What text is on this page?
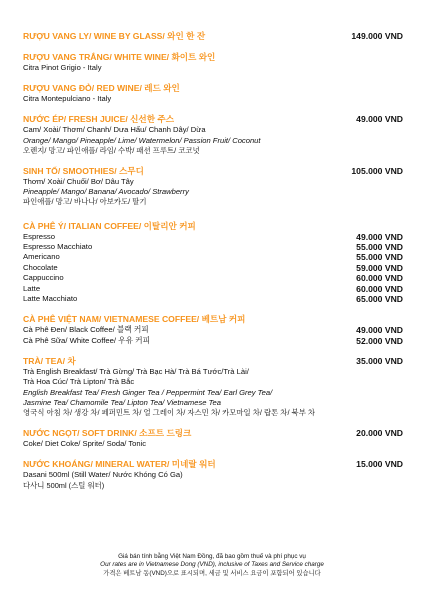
RƯỢU VANG LY/ WINE BY GLASS/ 와인 한 잔	149.000 VND
RƯỢU VANG TRẮNG/ WHITE WINE/ 화이트 와인
Citra Pinot Grigio - Italy
RƯỢU VANG ĐỎ/ RED WINE/ 레드 와인
Citra Montepulciano - Italy
NƯỚC ÉP/ FRESH JUICE/ 신선한 주스	49.000 VND
Cam/ Xoài/ Thơm/ Chanh/ Dưa Hấu/ Chanh Dây/ Dừa
Orange/ Mango/ Pineapple/ Lime/ Watermelon/ Passion Fruit/ Coconut
오렌지/ 망고/ 파인애플/ 라임/ 수박/ 패션 프루트/ 코코넛
SINH TỐ/ SMOOTHIES/ 스무디	105.000 VND
Thơm/ Xoài/ Chuối/ Bơ/ Dâu Tây
Pineapple/ Mango/ Banana/ Avocado/ Strawberry
파인애플/ 망고/ 바나나/ 아보카도/ 딸기
CÀ PHÊ Ý/ ITALIAN COFFEE/ 이탈리안 커피
Espresso	49.000 VND
Espresso Macchiato	55.000 VND
Americano	55.000 VND
Chocolate	59.000 VND
Cappuccino	60.000 VND
Latte	60.000 VND
Latte Macchiato	65.000 VND
CÀ PHÊ VIỆT NAM/ VIETNAMESE COFFEE/ 베트남 커피
Cà Phê Đen/ Black Coffee/ 블랙 커피	49.000 VND
Cà Phê Sữa/ White Coffee/ 우유 커피	52.000 VND
TRÀ/ TEA/ 차	35.000 VND
Trà English Breakfast/ Trà Gừng/ Trà Bạc Hà/ Trà Bá Tước/Trà Lài/
Trà Hoa Cúc/ Trà Lipton/ Trà Bắc
English Breakfast Tea/ Fresh Ginger Tea / Peppermint Tea/ Earl Grey Tea/
Jasmine Tea/ Chamomile Tea/ Lipton Tea/ Vietnamese Tea
영국식 아침 차/ 생강 차/ 페퍼민트 차/ 얼 그레이 차/ 자스민 차/ 카모마일 차/ 랍톤 차/ 북부 차
NƯỚC NGỌT/ SOFT DRINK/ 소프트 드링크	20.000 VND
Coke/ Diet Coke/ Sprite/ Soda/ Tonic
NƯỚC KHOÁNG/ MINERAL WATER/ 미네랄 워터	15.000 VND
Dasani 500ml (Still Water/ Nước Khóng Có Ga)
다사니 500ml (스틸 워터)
Giá bán tính bằng Việt Nam Đồng, đã bao gồm thuế và phí phục vụ
Our rates are in Vietnamese Dong (VND), inclusive of Taxes and Service charge
가격은 베트남 동(VND)으로 표시되며, 세금 및 서비스 요금이 포함되어 있습니다
